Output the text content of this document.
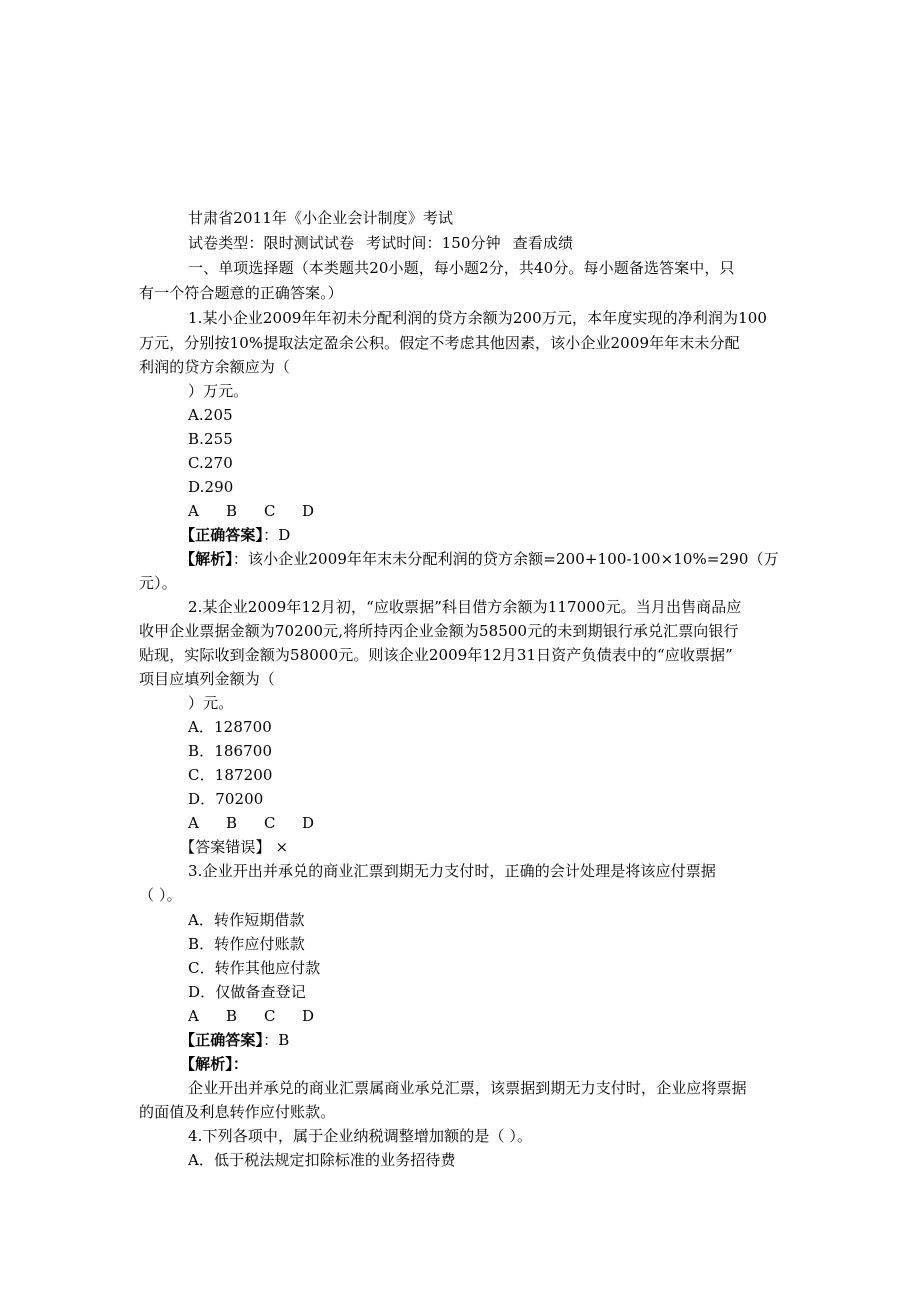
甘肃省2011年《小企业会计制度》考试
试卷类型：限时测试试卷 考试时间：150分钟 查看成绩
一、单项选择题（本类题共20小题，每小题2分，共40分。每小题备选答案中，只
有一个符合题意的正确答案。）
1.某小企业2009年年初未分配利润的贷方余额为200万元，本年度实现的净利润为100
万元，分别按10%提取法定盈余公积。假定不考虑其他因素，该小企业2009年年末未分配
利润的贷方余额应为（
）万元。
A.205
B.255
C.270
D.290
A B C D
【正确答案】：D
【解析】：该小企业2009年年末未分配利润的贷方余额=200+100-100×10%=290（万
元）。
2.某企业2009年12月初，“应收票据”科目借方余额为117000元。当月出售商品应
收甲企业票据金额为70200元,将所持丙企业金额为58500元的未到期银行承兑汇票向银行
贴现，实际收到金额为58000元。则该企业2009年12月31日资产负债表中的“应收票据”
项目应填列金额为（
）元。
A．128700
B．186700
C．187200
D．70200
A B C D
【答案错误】 ×
3.企业开出并承兑的商业汇票到期无力支付时，正确的会计处理是将该应付票据
（ ）。
A．转作短期借款
B．转作应付账款
C．转作其他应付款
D．仅做备查登记
A B C D
【正确答案】：B
【解析】：
企业开出并承兑的商业汇票属商业承兑汇票，该票据到期无力支付时，企业应将票据
的面值及利息转作应付账款。
4.下列各项中，属于企业纳税调整增加额的是（ ）。
A．低于税法规定扣除标准的业务招待费
